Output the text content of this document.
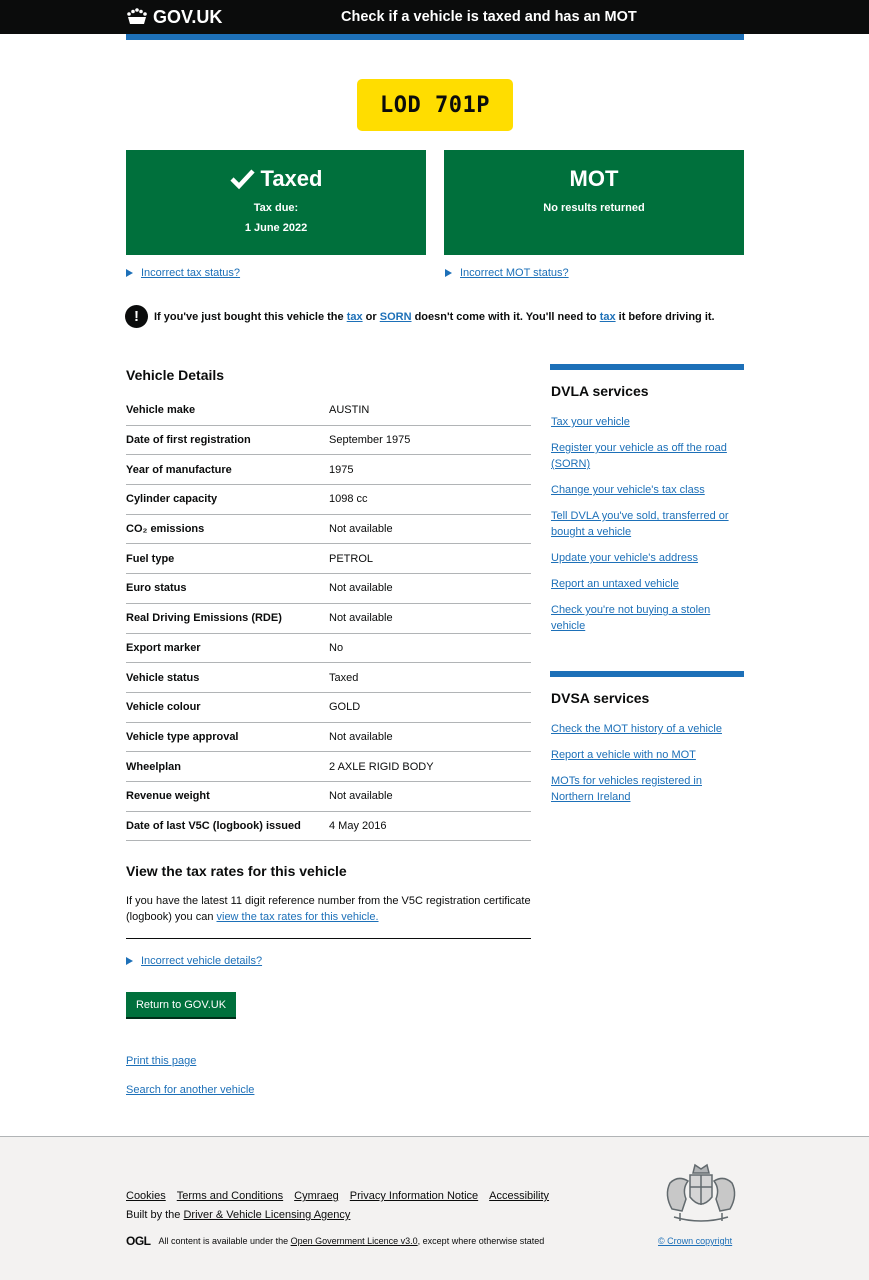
GOV.UK	Check if a vehicle is taxed and has an MOT
LOD 701P
Taxed
Tax due:
1 June 2022
MOT
No results returned
Incorrect tax status?	Incorrect MOT status?
!	If you've just bought this vehicle the tax or SORN doesn't come with it. You'll need to tax it before driving it.
Vehicle Details
Vehicle make	AUSTIN
Date of first registration	September 1975
Year of manufacture	1975
Cylinder capacity	1098 cc
CO₂ emissions	Not available
Fuel type	PETROL
Euro status	Not available
Real Driving Emissions (RDE)	Not available
Export marker	No
Vehicle status	Taxed
Vehicle colour	GOLD
Vehicle type approval	Not available
Wheelplan	2 AXLE RIGID BODY
Revenue weight	Not available
Date of last V5C (logbook) issued	4 May 2016
View the tax rates for this vehicle
If you have the latest 11 digit reference number from the V5C registration certificate (logbook) you can view the tax rates for this vehicle.
Incorrect vehicle details?
Return to GOV.UK
Print this page
Search for another vehicle
DVLA services
Tax your vehicle
Register your vehicle as off the road (SORN)
Change your vehicle's tax class
Tell DVLA you've sold, transferred or bought a vehicle
Update your vehicle's address
Report an untaxed vehicle
Check you're not buying a stolen vehicle
DVSA services
Check the MOT history of a vehicle
Report a vehicle with no MOT
MOTs for vehicles registered in Northern Ireland
Cookies Terms and Conditions Cymraeg Privacy Information Notice Accessibility
Built by the Driver & Vehicle Licensing Agency
OGL All content is available under the Open Government Licence v3.0, except where otherwise stated	© Crown copyright
